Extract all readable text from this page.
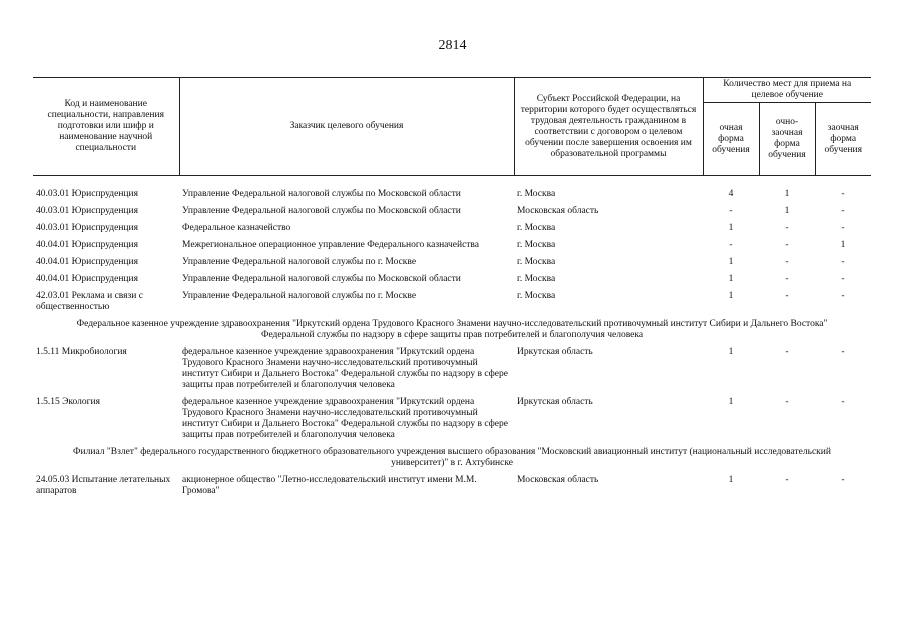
2814
Код и наименование специальности, направления подготовки или шифр и наименование научной специальности	Заказчик целевого обучения	Субъект Российской Федерации, на территории которого будет осуществляться трудовая деятельность гражданином в соответствии с договором о целевом обучении после завершения освоения им образовательной программы	Количество мест для приема на целевое обучение		
			очная форма обучения	очно-заочная форма обучения	заочная форма обучения

40.03.01 Юриспруденция	Управление Федеральной налоговой службы по Московской области	г. Москва	4	1	-
40.03.01 Юриспруденция	Управление Федеральной налоговой службы по Московской области	Московская область	-	1	-
40.03.01 Юриспруденция	Федеральное казначейство	г. Москва	1	-	-
40.04.01 Юриспруденция	Межрегиональное операционное управление Федерального казначейства	г. Москва	-	-	1
40.04.01 Юриспруденция	Управление Федеральной налоговой службы по г. Москве	г. Москва	1	-	-
40.04.01 Юриспруденция	Управление Федеральной налоговой службы по Московской области	г. Москва	1	-	-
42.03.01 Реклама и связи с общественностью	Управление Федеральной налоговой службы по г. Москве	г. Москва	1	-	-
Федеральное казенное учреждение здравоохранения "Иркутский ордена Трудового Красного Знамени научно-исследовательский противочумный институт Сибири и Дальнего Востока" Федеральной службы по надзору в сфере защиты прав потребителей и благополучия человека					
1.5.11 Микробиология	федеральное казенное учреждение здравоохранения "Иркутский ордена Трудового Красного Знамени научно-исследовательский противочумный институт Сибири и Дальнего Востока" Федеральной службы по надзору в сфере защиты прав потребителей и благополучия человека	Иркутская область	1	-	-
1.5.15 Экология	федеральное казенное учреждение здравоохранения "Иркутский ордена Трудового Красного Знамени научно-исследовательский противочумный институт Сибири и Дальнего Востока" Федеральной службы по надзору в сфере защиты прав потребителей и благополучия человека	Иркутская область	1	-	-
Филиал "Взлет" федерального государственного бюджетного образовательного учреждения высшего образования "Московский авиационный институт (национальный исследовательский университет)" в г. Ахтубинске					
24.05.03 Испытание летательных аппаратов	акционерное общество "Летно-исследовательский институт имени М.М. Громова"	Московская область	1	-	-
